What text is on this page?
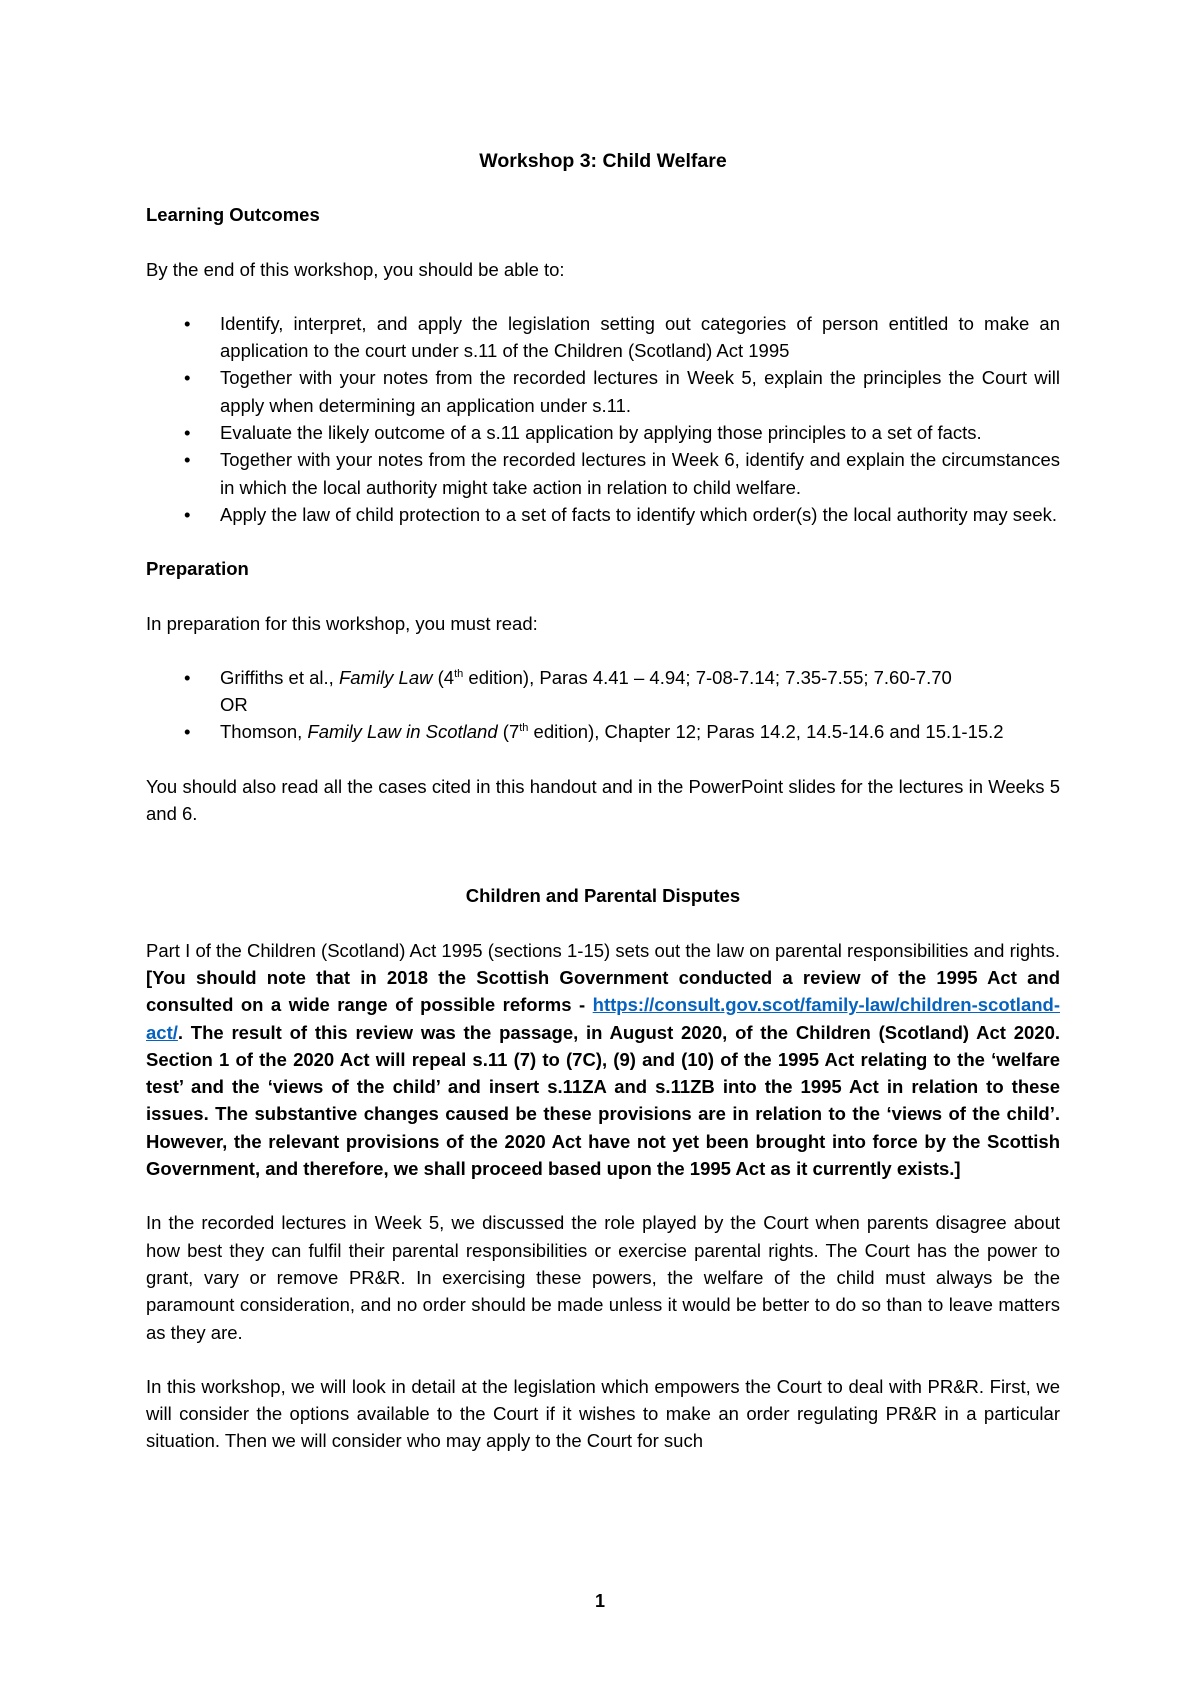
Workshop 3: Child Welfare
Learning Outcomes

By the end of this workshop, you should be able to:

• Identify, interpret, and apply the legislation setting out categories of person entitled to make an application to the court under s.11 of the Children (Scotland) Act 1995
• Together with your notes from the recorded lectures in Week 5, explain the principles the Court will apply when determining an application under s.11.
• Evaluate the likely outcome of a s.11 application by applying those principles to a set of facts.
• Together with your notes from the recorded lectures in Week 6, identify and explain the circumstances in which the local authority might take action in relation to child welfare.
• Apply the law of child protection to a set of facts to identify which order(s) the local authority may seek.
Preparation

In preparation for this workshop, you must read:

• Griffiths et al., Family Law (4th edition), Paras 4.41 – 4.94; 7-08-7.14; 7.35-7.55; 7.60-7.70
OR
• Thomson, Family Law in Scotland (7th edition), Chapter 12; Paras 14.2, 14.5-14.6 and 15.1-15.2

You should also read all the cases cited in this handout and in the PowerPoint slides for the lectures in Weeks 5 and 6.

Children and Parental Disputes

Part I of the Children (Scotland) Act 1995 (sections 1-15) sets out the law on parental responsibilities and rights. [You should note that in 2018 the Scottish Government conducted a review of the 1995 Act and consulted on a wide range of possible reforms - https://consult.gov.scot/family-law/children-scotland-act/. The result of this review was the passage, in August 2020, of the Children (Scotland) Act 2020. Section 1 of the 2020 Act will repeal s.11 (7) to (7C), (9) and (10) of the 1995 Act relating to the ‘welfare test’ and the ‘views of the child’ and insert s.11ZA and s.11ZB into the 1995 Act in relation to these issues. The substantive changes caused be these provisions are in relation to the ‘views of the child’. However, the relevant provisions of the 2020 Act have not yet been brought into force by the Scottish Government, and therefore, we shall proceed based upon the 1995 Act as it currently exists.]

In the recorded lectures in Week 5, we discussed the role played by the Court when parents disagree about how best they can fulfil their parental responsibilities or exercise parental rights. The Court has the power to grant, vary or remove PR&R. In exercising these powers, the welfare of the child must always be the paramount consideration, and no order should be made unless it would be better to do so than to leave matters as they are.

In this workshop, we will look in detail at the legislation which empowers the Court to deal with PR&R. First, we will consider the options available to the Court if it wishes to make an order regulating PR&R in a particular situation. Then we will consider who may apply to the Court for such

1
